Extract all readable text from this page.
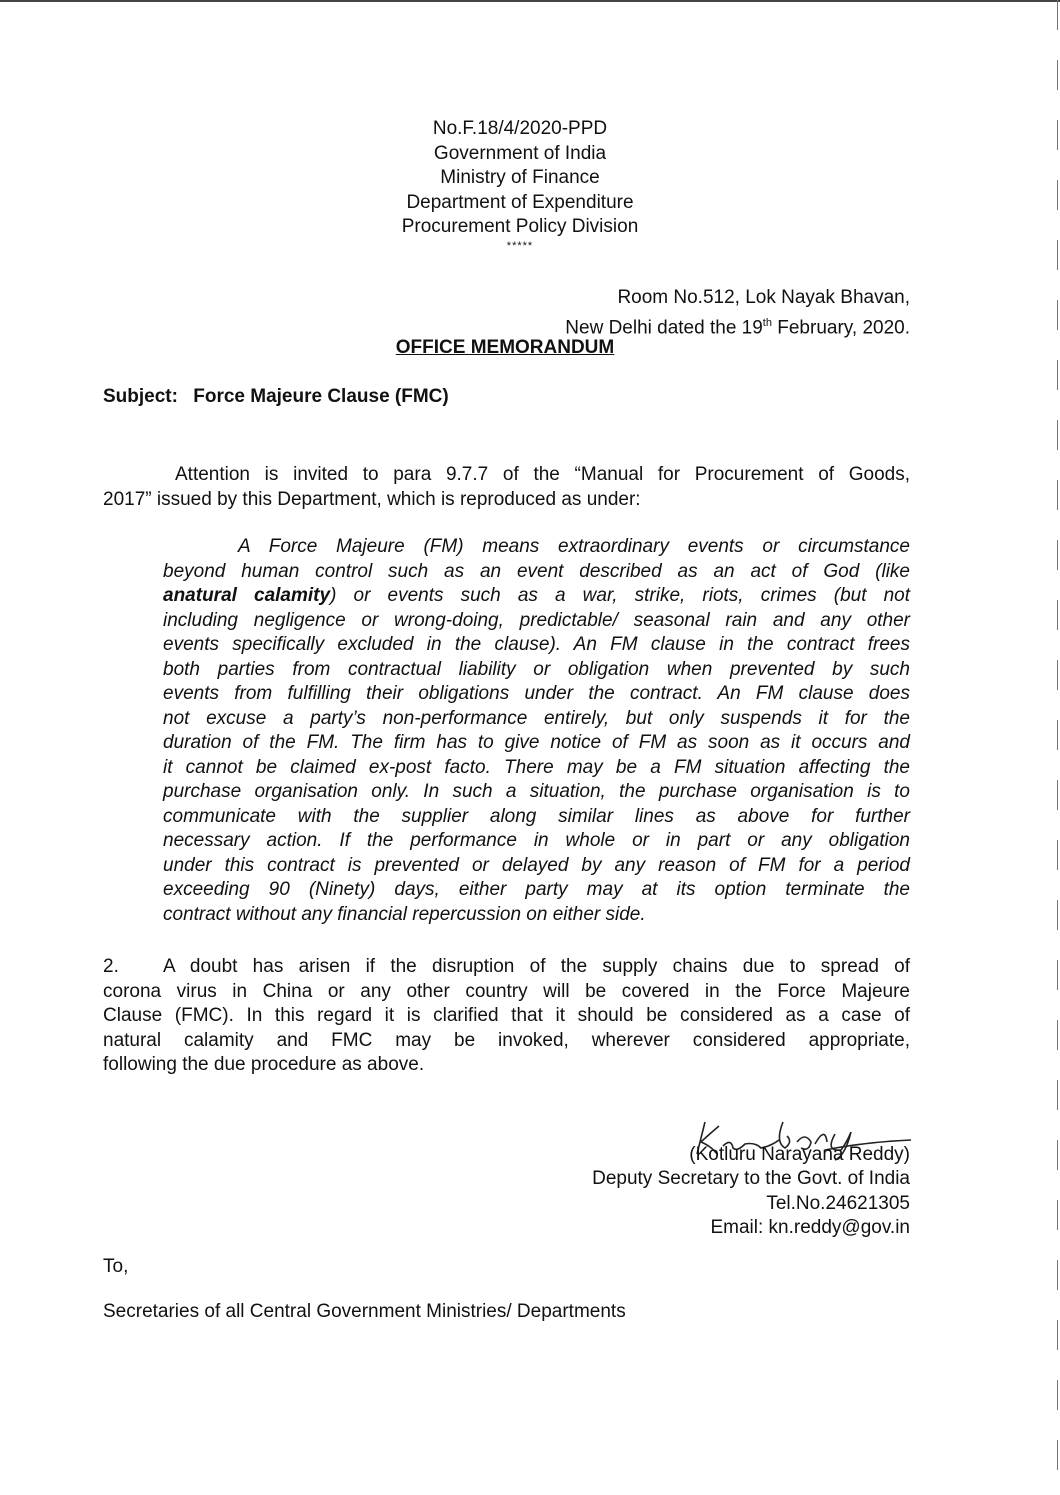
No.F.18/4/2020-PPD
Government of India
Ministry of Finance
Department of Expenditure
Procurement Policy Division
*****
Room No.512, Lok Nayak Bhavan,
New Delhi dated the 19th February, 2020.
OFFICE MEMORANDUM
Subject: Force Majeure Clause (FMC)
Attention is invited to para 9.7.7 of the “Manual for Procurement of Goods,
2017” issued by this Department, which is reproduced as under:
A Force Majeure (FM) means extraordinary events or circumstance
beyond human control such as an event described as an act of God (like
anatural calamity) or events such as a war, strike, riots, crimes (but not
including negligence or wrong-doing, predictable/ seasonal rain and any other
events specifically excluded in the clause). An FM clause in the contract frees
both parties from contractual liability or obligation when prevented by such
events from fulfilling their obligations under the contract. An FM clause does
not excuse a party’s non-performance entirely, but only suspends it for the
duration of the FM. The firm has to give notice of FM as soon as it occurs and
it cannot be claimed ex-post facto. There may be a FM situation affecting the
purchase organisation only. In such a situation, the purchase organisation is to
communicate with the supplier along similar lines as above for further
necessary action. If the performance in whole or in part or any obligation
under this contract is prevented or delayed by any reason of FM for a period
exceeding 90 (Ninety) days, either party may at its option terminate the
contract without any financial repercussion on either side.
2. A doubt has arisen if the disruption of the supply chains due to spread of
corona virus in China or any other country will be covered in the Force Majeure
Clause (FMC). In this regard it is clarified that it should be considered as a case of
natural calamity and FMC may be invoked, wherever considered appropriate,
following the due procedure as above.
(Kotluru Narayana Reddy)
Deputy Secretary to the Govt. of India
Tel.No.24621305
Email: kn.reddy@gov.in
To,
Secretaries of all Central Government Ministries/ Departments
